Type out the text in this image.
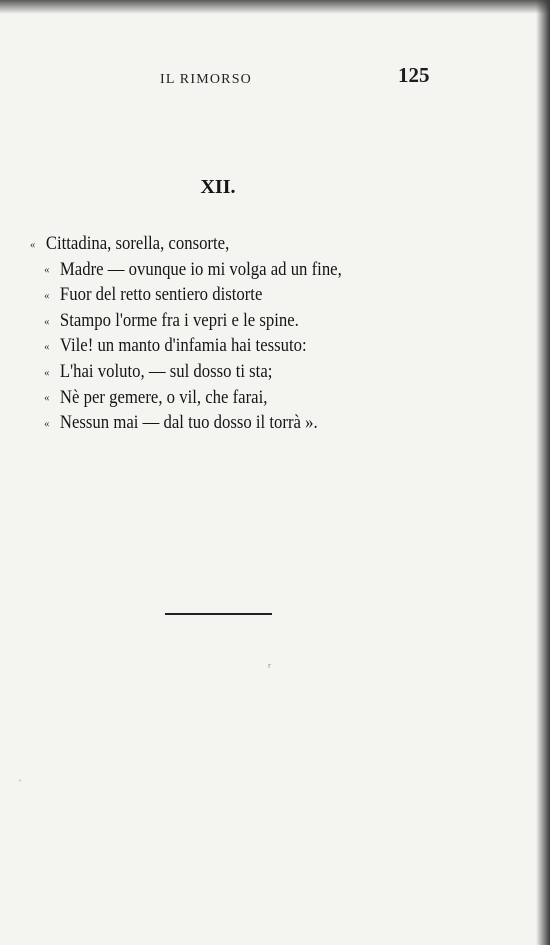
IL RIMORSO	125
XII.
« Cittadina, sorella, consorte,
« Madre — ovunque io mi volga ad un fine,
« Fuor del retto sentiero distorte
« Stampo l'orme fra i vepri e le spine.
« Vile! un manto d'infamia hai tessuto:
« L'hai voluto, — sul dosso ti sta;
« Nè per gemere, o vil, che farai,
« Nessun mai — dal tuo dosso il torrà ».
ʳ
ˌ
